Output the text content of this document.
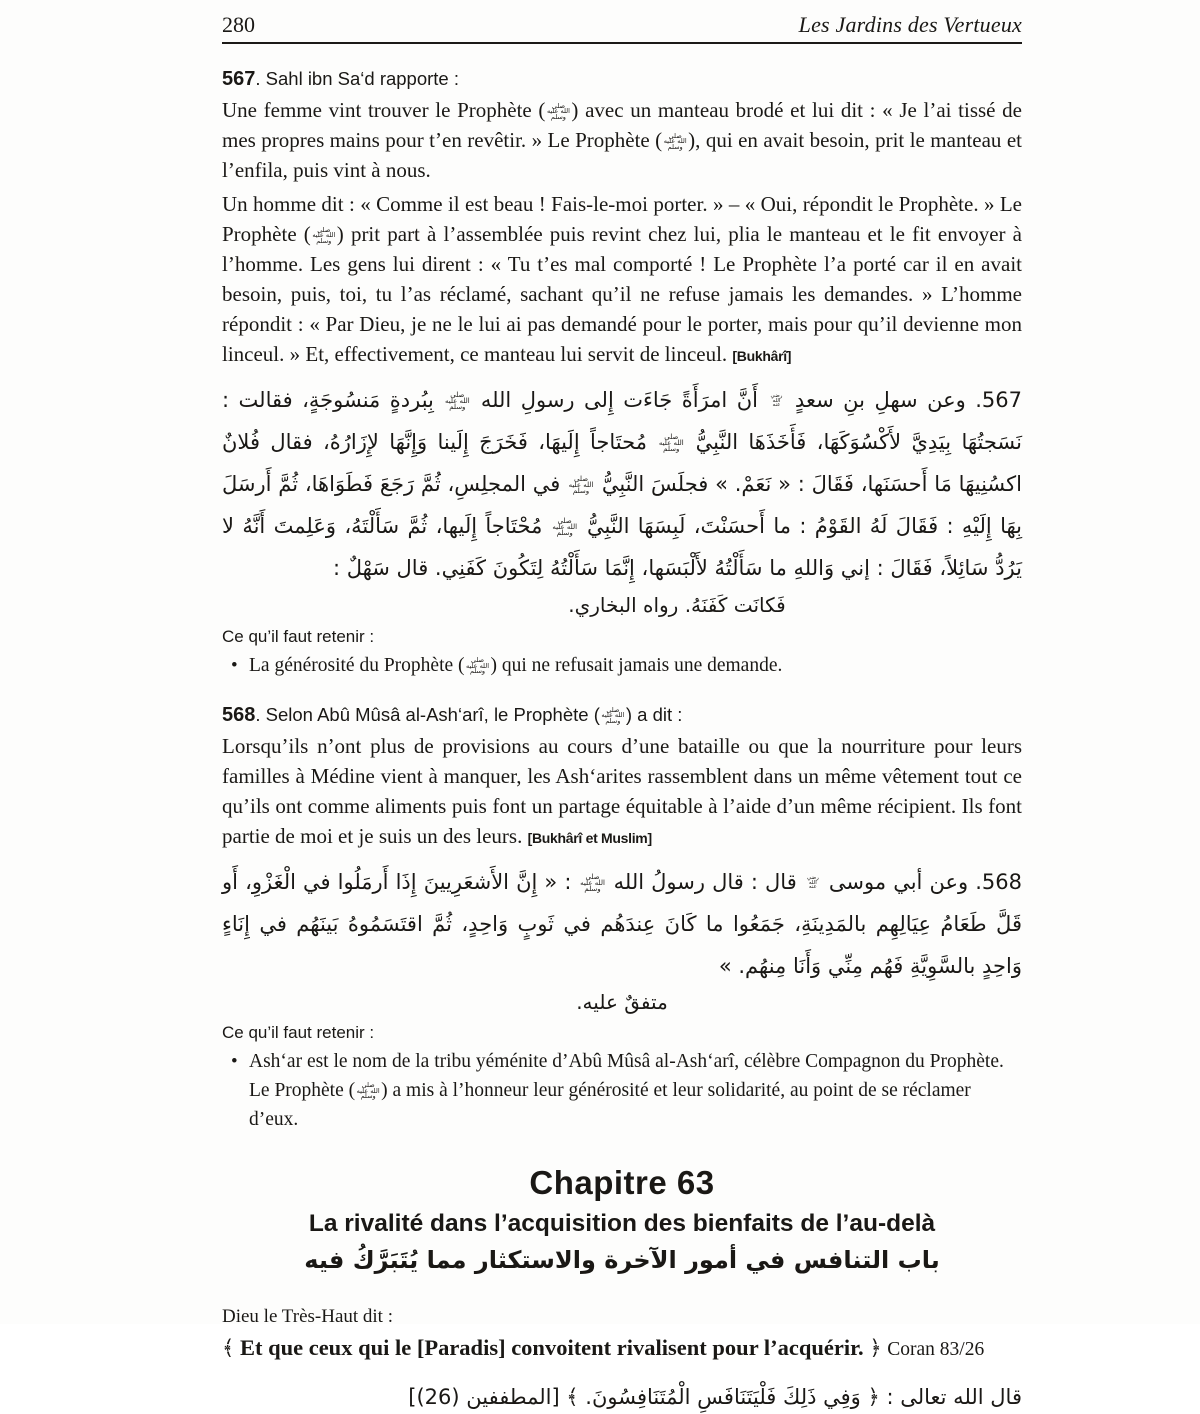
280	Les Jardins des Vertueux
567. Sahl ibn Sa‘d rapporte :

Une femme vint trouver le Prophète ( صلى الله عليه وسلم ) avec un manteau brodé et lui dit : « Je l’ai tissé de mes propres mains pour t’en revêtir. » Le Prophète ( صلى الله عليه وسلم ), qui en avait besoin, prit le manteau et l’enfila, puis vint à nous.

Un homme dit : « Comme il est beau ! Fais-le-moi porter. » – « Oui, répondit le Prophète. » Le Prophète ( صلى الله عليه وسلم ) prit part à l’assemblée puis revint chez lui, plia le manteau et le fit envoyer à l’homme. Les gens lui dirent : « Tu t’es mal comporté ! Le Prophète l’a porté car il en avait besoin, puis, toi, tu l’as réclamé, sachant qu’il ne refuse jamais les demandes. » L’homme répondit : « Par Dieu, je ne le lui ai pas demandé pour le porter, mais pour qu’il devienne mon linceul. » Et, effectivement, ce manteau lui servit de linceul. [Bukhârî]

567. وعن سهلِ بنِ سعدٍ رضي الله عنه أَنَّ امرَأَةً جَاءَت إِلى رسولِ الله صلى الله عليه وسلم بِبُردةٍ مَنسُوجَةٍ، فقالت : نَسَجتُهَا بِيَدِيَّ لأَكْسُوَكَهَا، فَأَخَذَهَا النَّبِيُّ صلى الله عليه وسلم مُحتَاجاً إِلَيهَا، فَخَرَجَ إِلَينا وَإِنَّهَا لإِزَارُهُ، فقال فُلانٌ اكسُنِيهَا مَا أَحسَنَها، فَقَالَ : « نَعَمْ. » فجلَسَ النَّبِيُّ صلى الله عليه وسلم في المجلِسِ، ثُمَّ رَجَعَ فَطَوَاهَا، ثُمَّ أَرسَلَ بِهَا إِلَيْهِ : فَقَالَ لَهُ القَوْمُ : ما أَحسَنْتَ، لَبِسَهَا النَّبِيُّ صلى الله عليه وسلم مُحْتَاجاً إِلَيها، ثُمَّ سَأَلْتَهُ، وَعَلِمتَ أَنَّهُ لا يَرُدُّ سَائِلاً، فَقَالَ : إني وَاللهِ ما سَأَلْتُهُ لأَلْبَسَها، إِنَّمَا سَأَلْتُهُ لِتَكُونَ كَفَنِي. قال سَهْلٌ :
فَكانَت كَفَنَهُ. رواه البخاري.
Ce qu’il faut retenir :
• La générosité du Prophète ( صلى الله عليه وسلم ) qui ne refusait jamais une demande.
568. Selon Abû Mûsâ al-Ash‘arî, le Prophète ( صلى الله عليه وسلم ) a dit :

Lorsqu’ils n’ont plus de provisions au cours d’une bataille ou que la nourriture pour leurs familles à Médine vient à manquer, les Ash‘arites rassemblent dans un même vêtement tout ce qu’ils ont comme aliments puis font un partage équitable à l’aide d’un même récipient. Ils font partie de moi et je suis un des leurs. [Bukhârî et Muslim]

568. وعن أبي موسى رضي الله عنه قال : قال رسولُ الله صلى الله عليه وسلم : « إِنَّ الأَشعَرِيينَ إِذَا أَرمَلُوا في الْغَزْوِ، أَو قَلَّ طَعَامُ عِيَالِهِم بالمَدِينَةِ، جَمَعُوا ما كَانَ عِندَهُم في ثَوبٍ وَاحِدٍ، ثُمَّ اقتَسَمُوهُ بَينَهُم في إِنَاءٍ وَاحِدٍ بالسَّوِيَّةِ فَهُم مِنِّي وَأَنَا مِنهُم. »
متفقٌ عليه.
Ce qu’il faut retenir :
• Ash‘ar est le nom de la tribu yéménite d’Abû Mûsâ al-Ash‘arî, célèbre Compagnon du Prophète. Le Prophète ( صلى الله عليه وسلم ) a mis à l’honneur leur générosité et leur solidarité, au point de se réclamer d’eux.
Chapitre 63
La rivalité dans l’acquisition des bienfaits de l’au-delà
باب التنافس في أمور الآخرة والاستكثار مما يُتَبَرَّكُ فيه
Dieu le Très-Haut dit :
﴾ Et que ceux qui le [Paradis] convoitent rivalisent pour l’acquérir. ﴿ Coran 83/26
قال الله تعالى : ﴿ وَفِي ذَلِكَ فَلْيَتَنَافَسِ الْمُتَنَافِسُونَ. ﴾ [المطففين (26)]
